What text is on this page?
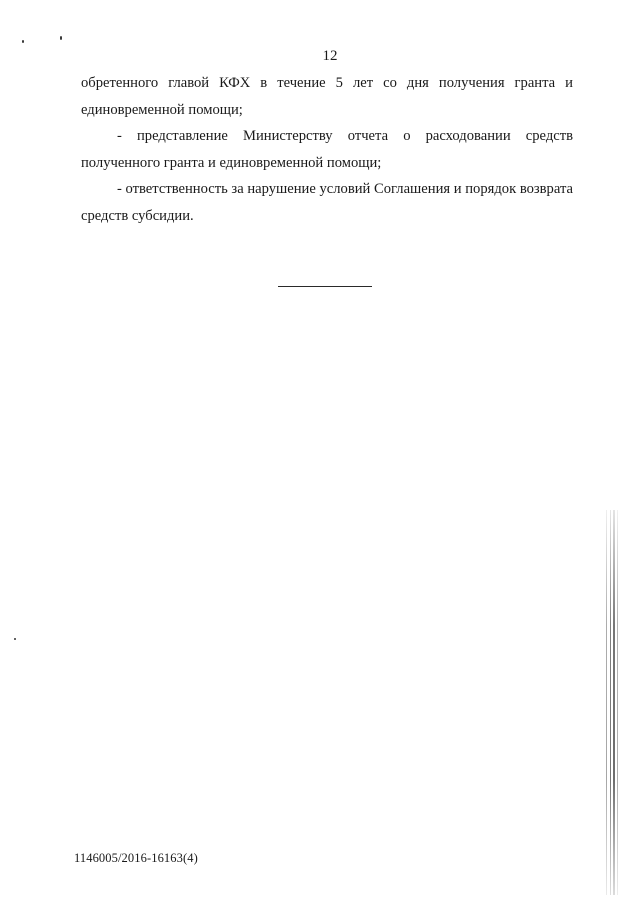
12

обретенного главой КФХ в течение 5 лет со дня получения гранта и единовременной помощи;

- представление Министерству отчета о расходовании средств полученного гранта и единовременной помощи;

- ответственность за нарушение условий Соглашения и порядок возврата средств субсидии.

1146005/2016-16163(4)
